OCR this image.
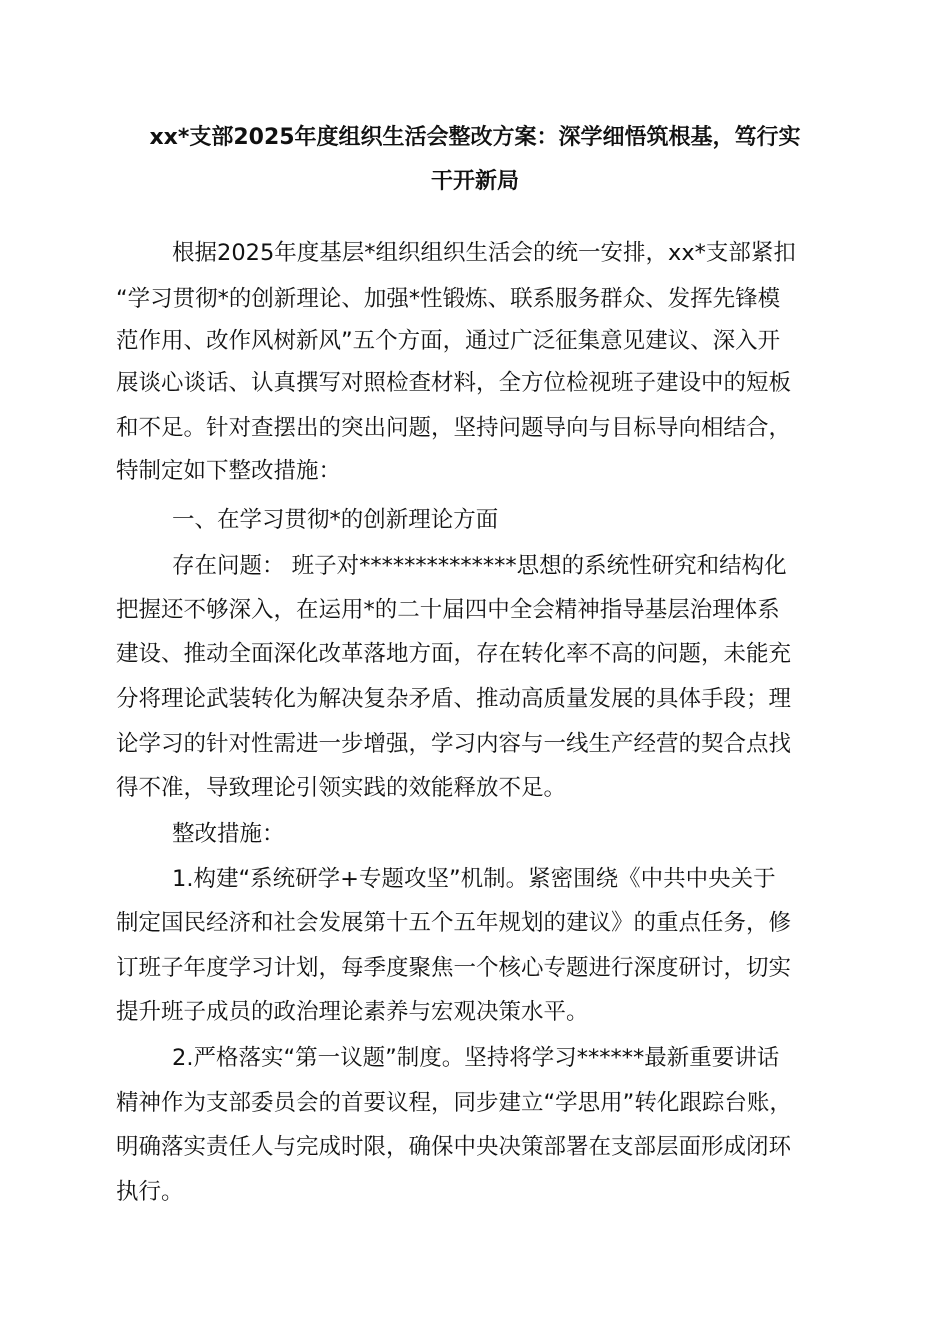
xx*支部2025年度组织生活会整改方案：深学细悟筑根基，笃行实
干开新局

根据2025年度基层*组织组织生活会的统一安排，xx*支部紧扣

“学习贯彻*的创新理论、加强*性锻炼、联系服务群众、发挥先锋模

范作用、改作风树新风”五个方面，通过广泛征集意见建议、深入开

展谈心谈话、认真撰写对照检查材料，全方位检视班子建设中的短板

和不足。针对查摆出的突出问题，坚持问题导向与目标导向相结合，

特制定如下整改措施：

一、在学习贯彻*的创新理论方面

存在问题： 班子对**************思想的系统性研究和结构化

把握还不够深入，在运用*的二十届四中全会精神指导基层治理体系

建设、推动全面深化改革落地方面，存在转化率不高的问题，未能充

分将理论武装转化为解决复杂矛盾、推动高质量发展的具体手段；理

论学习的针对性需进一步增强，学习内容与一线生产经营的契合点找

得不准，导致理论引领实践的效能释放不足。

整改措施：

1.构建“系统研学+专题攻坚”机制。紧密围绕《中共中央关于

制定国民经济和社会发展第十五个五年规划的建议》的重点任务，修

订班子年度学习计划，每季度聚焦一个核心专题进行深度研讨，切实

提升班子成员的政治理论素养与宏观决策水平。

2.严格落实“第一议题”制度。坚持将学习******最新重要讲话

精神作为支部委员会的首要议程，同步建立“学思用”转化跟踪台账，

明确落实责任人与完成时限，确保中央决策部署在支部层面形成闭环

执行。
